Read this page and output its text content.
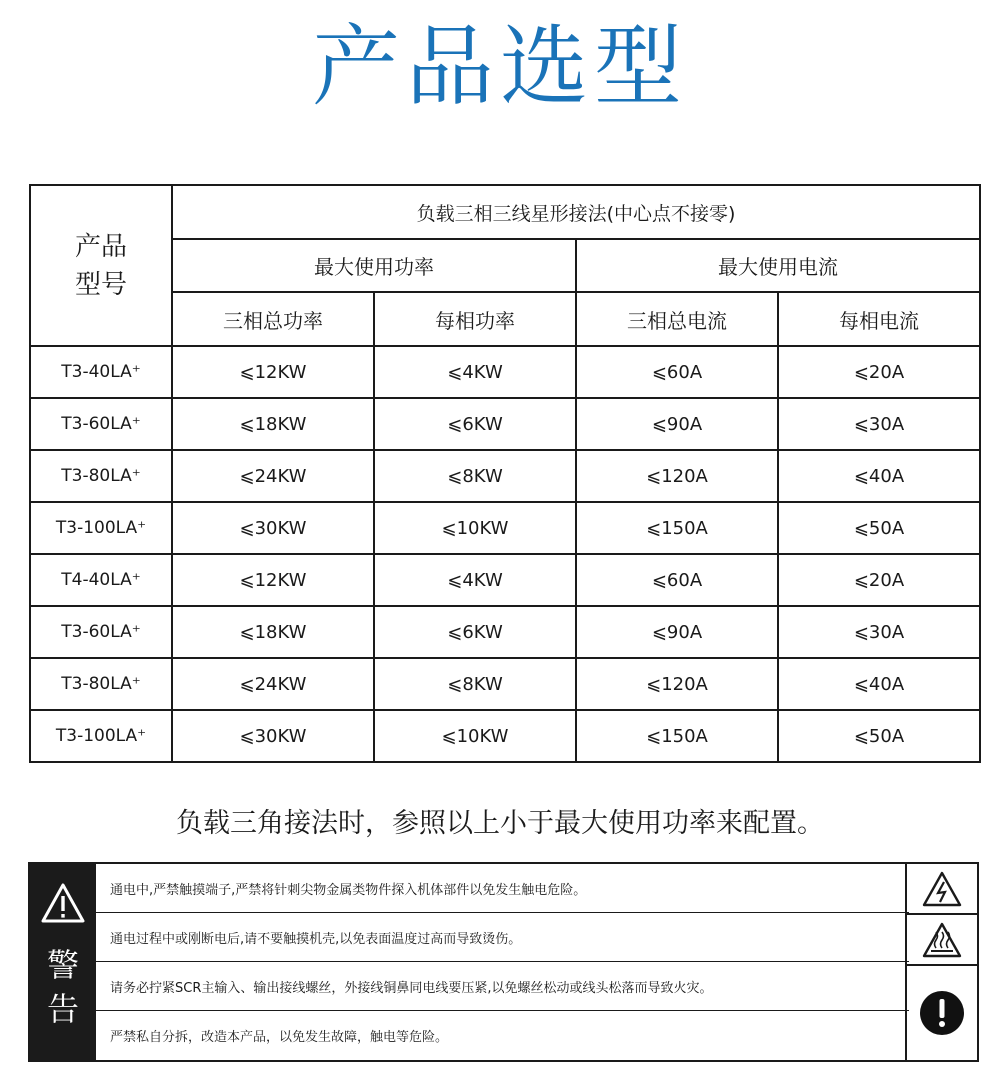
产品选型
产品
型号	负载三相三线星形接法(中心点不接零)			
	最大使用功率		最大使用电流	
	三相总功率	每相功率	三相总电流	每相电流
T3-40LA⁺	⩽12KW	⩽4KW	⩽60A	⩽20A
T3-60LA⁺	⩽18KW	⩽6KW	⩽90A	⩽30A
T3-80LA⁺	⩽24KW	⩽8KW	⩽120A	⩽40A
T3-100LA⁺	⩽30KW	⩽10KW	⩽150A	⩽50A
T4-40LA⁺	⩽12KW	⩽4KW	⩽60A	⩽20A
T3-60LA⁺	⩽18KW	⩽6KW	⩽90A	⩽30A
T3-80LA⁺	⩽24KW	⩽8KW	⩽120A	⩽40A
T3-100LA⁺	⩽30KW	⩽10KW	⩽150A	⩽50A
负载三角接法时，参照以上小于最大使用功率来配置。
警
告
通电中,严禁触摸端子,严禁将针刺尖物金属类物件探入机体部件以免发生触电危险。
通电过程中或刚断电后,请不要触摸机壳,以免表面温度过高而导致烫伤。
请务必拧紧SCR主输入、输出接线螺丝，外接线铜鼻同电线要压紧,以免螺丝松动或线头松落而导致火灾。
严禁私自分拆，改造本产品，以免发生故障，触电等危险。
